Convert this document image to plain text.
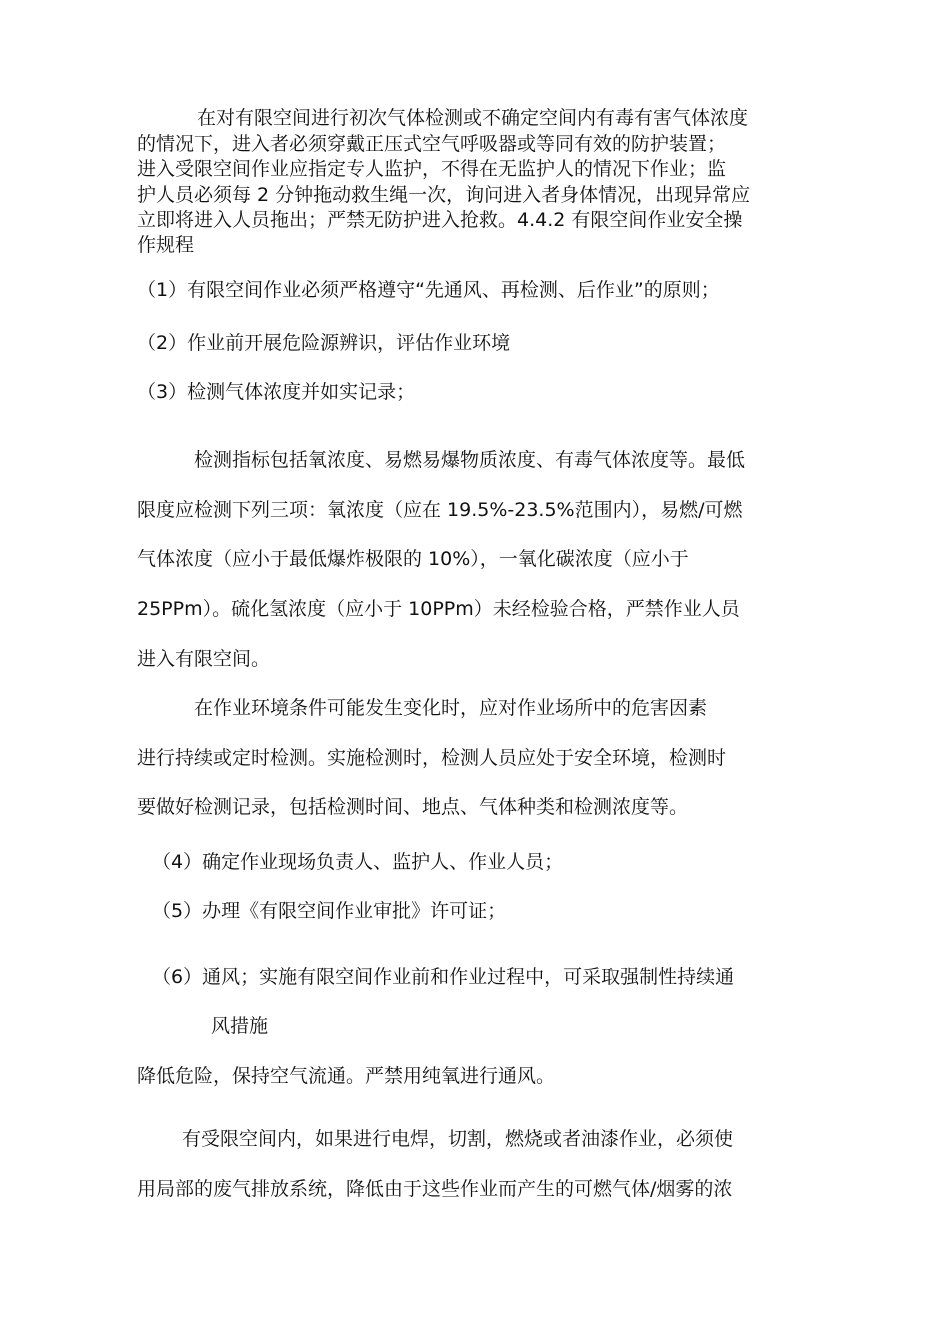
在对有限空间进行初次气体检测或不确定空间内有毒有害气体浓度
的情况下，进入者必须穿戴正压式空气呼吸器或等同有效的防护装置；
进入受限空间作业应指定专人监护，不得在无监护人的情况下作业；监
护人员必须每 2 分钟拖动救生绳一次，询问进入者身体情况，出现异常应
立即将进入人员拖出；严禁无防护进入抢救。4.4.2 有限空间作业安全操
作规程
（1）有限空间作业必须严格遵守“先通风、再检测、后作业”的原则；
（2）作业前开展危险源辨识，评估作业环境
（3）检测气体浓度并如实记录；
检测指标包括氧浓度、易燃易爆物质浓度、有毒气体浓度等。最低
限度应检测下列三项：氧浓度（应在 19.5%-23.5%范围内），易燃/可燃
气体浓度（应小于最低爆炸极限的 10%），一氧化碳浓度（应小于
25PPm）。硫化氢浓度（应小于 10PPm）未经检验合格，严禁作业人员
进入有限空间。
在作业环境条件可能发生变化时，应对作业场所中的危害因素
进行持续或定时检测。实施检测时，检测人员应处于安全环境，检测时
要做好检测记录，包括检测时间、地点、气体种类和检测浓度等。
（4）确定作业现场负责人、监护人、作业人员；
（5）办理《有限空间作业审批》许可证；
（6）通风；实施有限空间作业前和作业过程中，可采取强制性持续通
风措施
降低危险，保持空气流通。严禁用纯氧进行通风。
有受限空间内，如果进行电焊，切割，燃烧或者油漆作业，必须使
用局部的废气排放系统，降低由于这些作业而产生的可燃气体/烟雾的浓
